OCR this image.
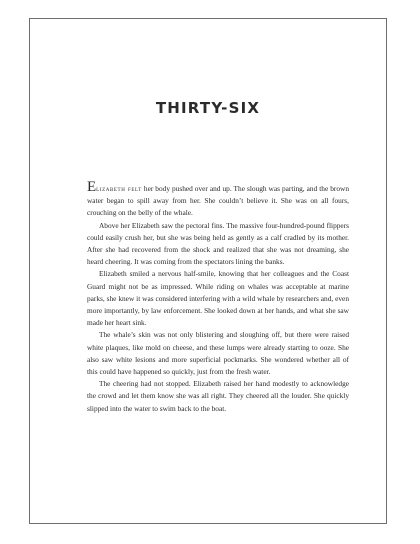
THIRTY-SIX

Elizabeth felt her body pushed over and up. The slough was parting, and the brown water began to spill away from her. She couldn’t believe it. She was on all fours, crouching on the belly of the whale.

Above her Elizabeth saw the pectoral fins. The massive four-hundred-pound flippers could easily crush her, but she was being held as gently as a calf cradled by its mother. After she had recovered from the shock and realized that she was not dreaming, she heard cheering. It was coming from the spectators lining the banks.

Elizabeth smiled a nervous half-smile, knowing that her colleagues and the Coast Guard might not be as impressed. While riding on whales was acceptable at marine parks, she knew it was considered interfering with a wild whale by researchers and, even more importantly, by law enforcement. She looked down at her hands, and what she saw made her heart sink.

The whale’s skin was not only blistering and sloughing off, but there were raised white plaques, like mold on cheese, and these lumps were already starting to ooze. She also saw white lesions and more superficial pockmarks. She wondered whether all of this could have happened so quickly, just from the fresh water.

The cheering had not stopped. Elizabeth raised her hand modestly to acknowledge the crowd and let them know she was all right. They cheered all the louder. She quickly slipped into the water to swim back to the boat.
